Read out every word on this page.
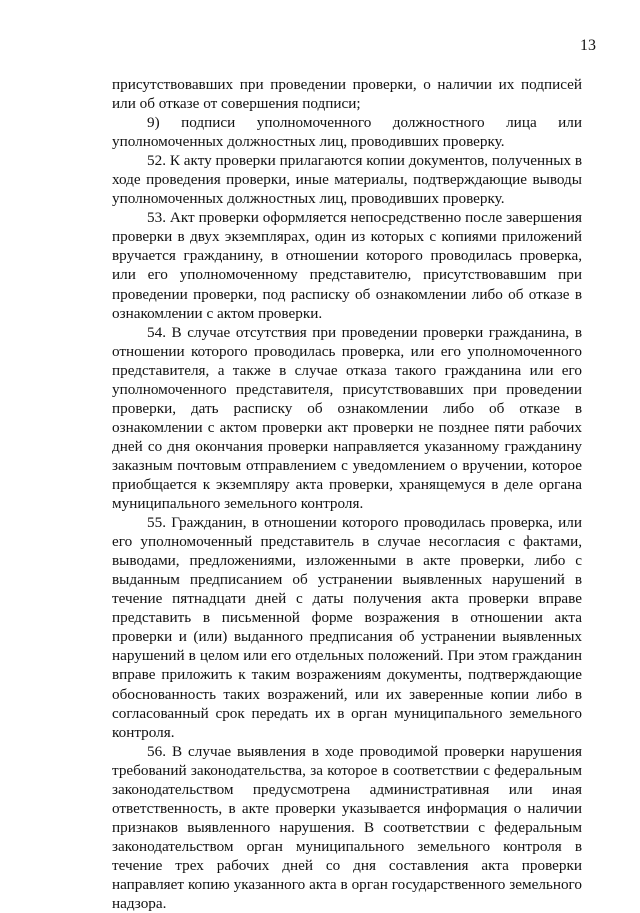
13

присутствовавших при проведении проверки, о наличии их подписей или об отказе от совершения подписи;

9) подписи уполномоченного должностного лица или уполномоченных должностных лиц, проводивших проверку.

52. К акту проверки прилагаются копии документов, полученных в ходе проведения проверки, иные материалы, подтверждающие выводы уполномоченных должностных лиц, проводивших проверку.

53. Акт проверки оформляется непосредственно после завершения проверки в двух экземплярах, один из которых с копиями приложений вручается гражданину, в отношении которого проводилась проверка, или его уполномоченному представителю, присутствовавшим при проведении проверки, под расписку об ознакомлении либо об отказе в ознакомлении с актом проверки.

54. В случае отсутствия при проведении проверки гражданина, в отношении которого проводилась проверка, или его уполномоченного представителя, а также в случае отказа такого гражданина или его уполномоченного представителя, присутствовавших при проведении проверки, дать расписку об ознакомлении либо об отказе в ознакомлении с актом проверки акт проверки не позднее пяти рабочих дней со дня окончания проверки направляется указанному гражданину заказным почтовым отправлением с уведомлением о вручении, которое приобщается к экземпляру акта проверки, хранящемуся в деле органа муниципального земельного контроля.

55. Гражданин, в отношении которого проводилась проверка, или его уполномоченный представитель в случае несогласия с фактами, выводами, предложениями, изложенными в акте проверки, либо с выданным предписанием об устранении выявленных нарушений в течение пятнадцати дней с даты получения акта проверки вправе представить в письменной форме возражения в отношении акта проверки и (или) выданного предписания об устранении выявленных нарушений в целом или его отдельных положений. При этом гражданин вправе приложить к таким возражениям документы, подтверждающие обоснованность таких возражений, или их заверенные копии либо в согласованный срок передать их в орган муниципального земельного контроля.

56. В случае выявления в ходе проводимой проверки нарушения требований законодательства, за которое в соответствии с федеральным законодательством предусмотрена административная или иная ответственность, в акте проверки указывается информация о наличии признаков выявленного нарушения. В соответствии с федеральным законодательством орган муниципального земельного контроля в течение трех рабочих дней со дня составления акта проверки направляет копию указанного акта в орган государственного земельного надзора.
